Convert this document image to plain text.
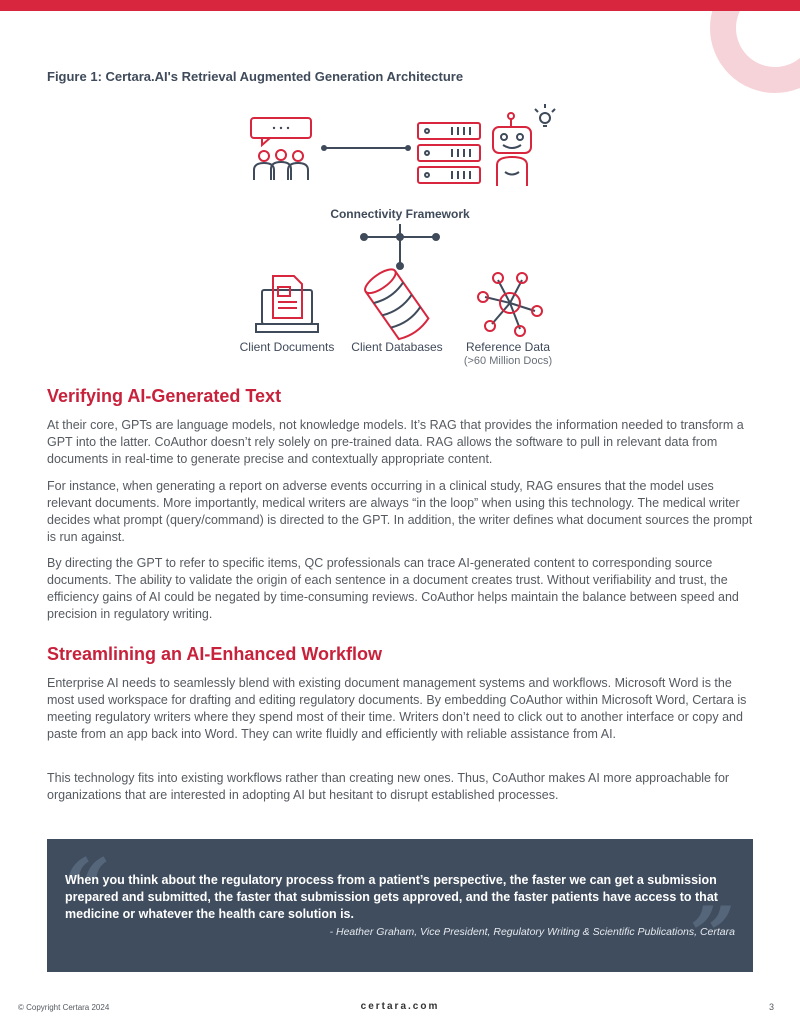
Figure 1: Certara.AI's Retrieval Augmented Generation Architecture
Connectivity Framework
Client Documents	Client Databases	Reference Data
(>60 Million Docs)
Verifying AI-Generated Text

At their core, GPTs are language models, not knowledge models. It’s RAG that provides the information needed to transform a GPT into the latter. CoAuthor doesn’t rely solely on pre-trained data. RAG allows the software to pull in relevant data from documents in real-time to generate precise and contextually appropriate content.

For instance, when generating a report on adverse events occurring in a clinical study, RAG ensures that the model uses relevant documents. More importantly, medical writers are always “in the loop” when using this technology. The medical writer decides what prompt (query/command) is directed to the GPT. In addition, the writer defines what document sources the prompt is run against.

By directing the GPT to refer to specific items, QC professionals can trace AI-generated content to corresponding source documents. The ability to validate the origin of each sentence in a document creates trust. Without verifiability and trust, the efficiency gains of AI could be negated by time-consuming reviews. CoAuthor helps maintain the balance between speed and precision in regulatory writing.

Streamlining an AI-Enhanced Workflow

Enterprise AI needs to seamlessly blend with existing document management systems and workflows. Microsoft Word is the most used workspace for drafting and editing regulatory documents. By embedding CoAuthor within Microsoft Word, Certara is meeting regulatory writers where they spend most of their time. Writers don’t need to click out to another interface or copy and paste from an app back into Word. They can write fluidly and efficiently with reliable assistance from AI.

This technology fits into existing workflows rather than creating new ones. Thus, CoAuthor makes AI more approachable for organizations that are interested in adopting AI but hesitant to disrupt established processes.

“
”
When you think about the regulatory process from a patient’s perspective, the faster we can get a submission prepared and submitted, the faster that submission gets approved, and the faster patients have access to that medicine or whatever the health care solution is.
- Heather Graham, Vice President, Regulatory Writing & Scientific Publications, Certara
© Copyright Certara 2024	certara.com	3
